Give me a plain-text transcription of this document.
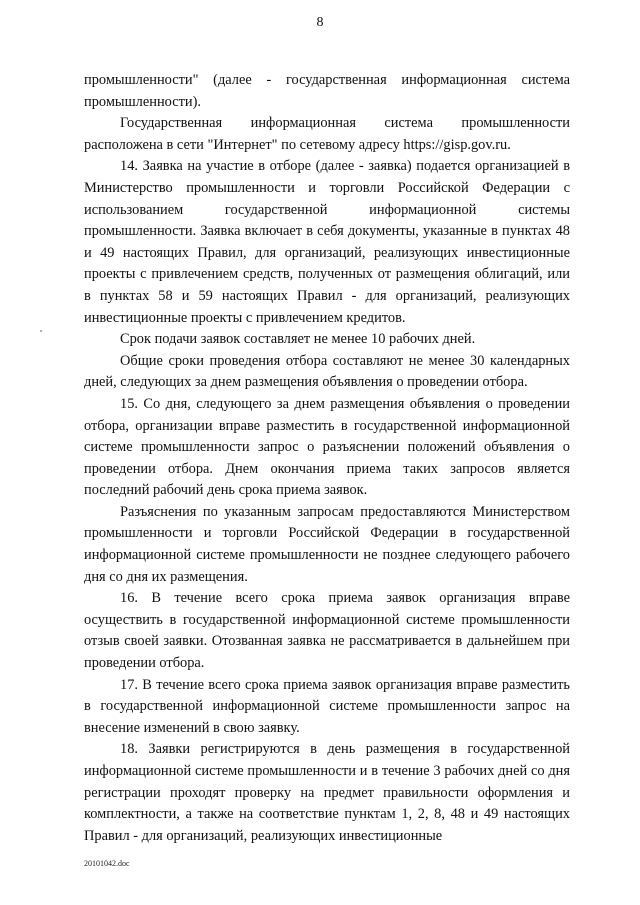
8

промышленности" (далее - государственная информационная система промышленности).

Государственная информационная система промышленности расположена в сети "Интернет" по сетевому адресу https://gisp.gov.ru.

14. Заявка на участие в отборе (далее - заявка) подается организацией в Министерство промышленности и торговли Российской Федерации с использованием государственной информационной системы промышленности. Заявка включает в себя документы, указанные в пунктах 48 и 49 настоящих Правил, для организаций, реализующих инвестиционные проекты с привлечением средств, полученных от размещения облигаций, или в пунктах 58 и 59 настоящих Правил - для организаций, реализующих инвестиционные проекты с привлечением кредитов.

Срок подачи заявок составляет не менее 10 рабочих дней.

Общие сроки проведения отбора составляют не менее 30 календарных дней, следующих за днем размещения объявления о проведении отбора.

15. Со дня, следующего за днем размещения объявления о проведении отбора, организации вправе разместить в государственной информационной системе промышленности запрос о разъяснении положений объявления о проведении отбора. Днем окончания приема таких запросов является последний рабочий день срока приема заявок.

Разъяснения по указанным запросам предоставляются Министерством промышленности и торговли Российской Федерации в государственной информационной системе промышленности не позднее следующего рабочего дня со дня их размещения.

16. В течение всего срока приема заявок организация вправе осуществить в государственной информационной системе промышленности отзыв своей заявки. Отозванная заявка не рассматривается в дальнейшем при проведении отбора.

17. В течение всего срока приема заявок организация вправе разместить в государственной информационной системе промышленности запрос на внесение изменений в свою заявку.

18. Заявки регистрируются в день размещения в государственной информационной системе промышленности и в течение 3 рабочих дней со дня регистрации проходят проверку на предмет правильности оформления и комплектности, а также на соответствие пунктам 1, 2, 8, 48 и 49 настоящих Правил - для организаций, реализующих инвестиционные

20101042.doc
